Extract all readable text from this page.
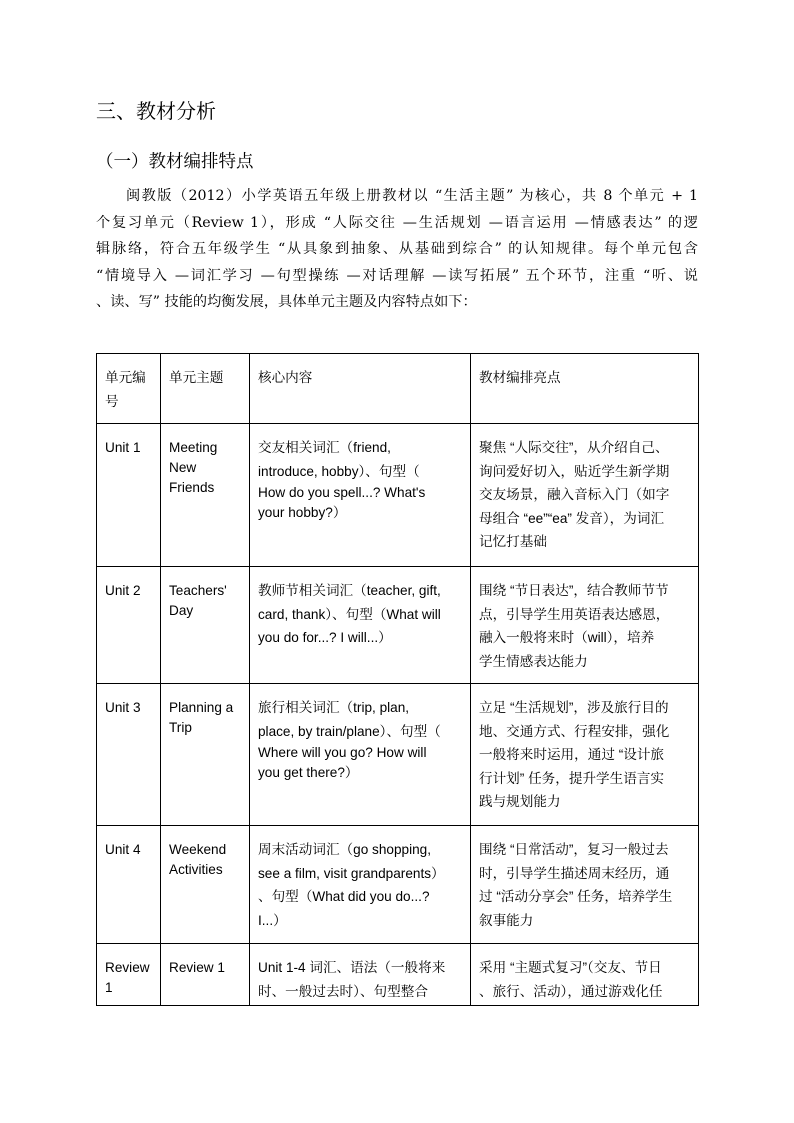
三、教材分析
（一）教材编排特点
闽教版（2012）小学英语五年级上册教材以 “生活主题” 为核心，共 8 个单元 + 1
个复习单元（Review 1），形成 “人际交往 —生活规划 —语言运用 —情感表达” 的逻
辑脉络，符合五年级学生 “从具象到抽象、从基础到综合” 的认知规律。每个单元包含
“情境导入 —词汇学习 —句型操练 —对话理解 —读写拓展” 五个环节，注重 “听、说
、读、写” 技能的均衡发展，具体单元主题及内容特点如下：
单元编
号	单元主题	核心内容	教材编排亮点

Unit 1	Meeting
New
Friends	交友相关词汇（friend,
introduce, hobby）、句型（
How do you spell...? What's
your hobby?）	聚焦 “人际交往”，从介绍自己、
询问爱好切入，贴近学生新学期
交友场景，融入音标入门（如字
母组合 “ee”“ea” 发音），为词汇
记忆打基础

Unit 2	Teachers'
Day	教师节相关词汇（teacher, gift,
card, thank）、句型（What will
you do for...? I will...）	围绕 “节日表达”，结合教师节节
点，引导学生用英语表达感恩，
融入一般将来时（will），培养
学生情感表达能力

Unit 3	Planning a
Trip	旅行相关词汇（trip, plan,
place, by train/plane）、句型（
Where will you go? How will
you get there?）	立足 “生活规划”，涉及旅行目的
地、交通方式、行程安排，强化
一般将来时运用，通过 “设计旅
行计划” 任务，提升学生语言实
践与规划能力

Unit 4	Weekend
Activities	周末活动词汇（go shopping,
see a film, visit grandparents）
、句型（What did you do...?
I...）	围绕 “日常活动”，复习一般过去
时，引导学生描述周末经历，通
过 “活动分享会” 任务，培养学生
叙事能力

Review
1	Review 1	Unit 1-4 词汇、语法（一般将来
时、一般过去时）、句型整合	采用 “主题式复习”（交友、节日
、旅行、活动），通过游戏化任
